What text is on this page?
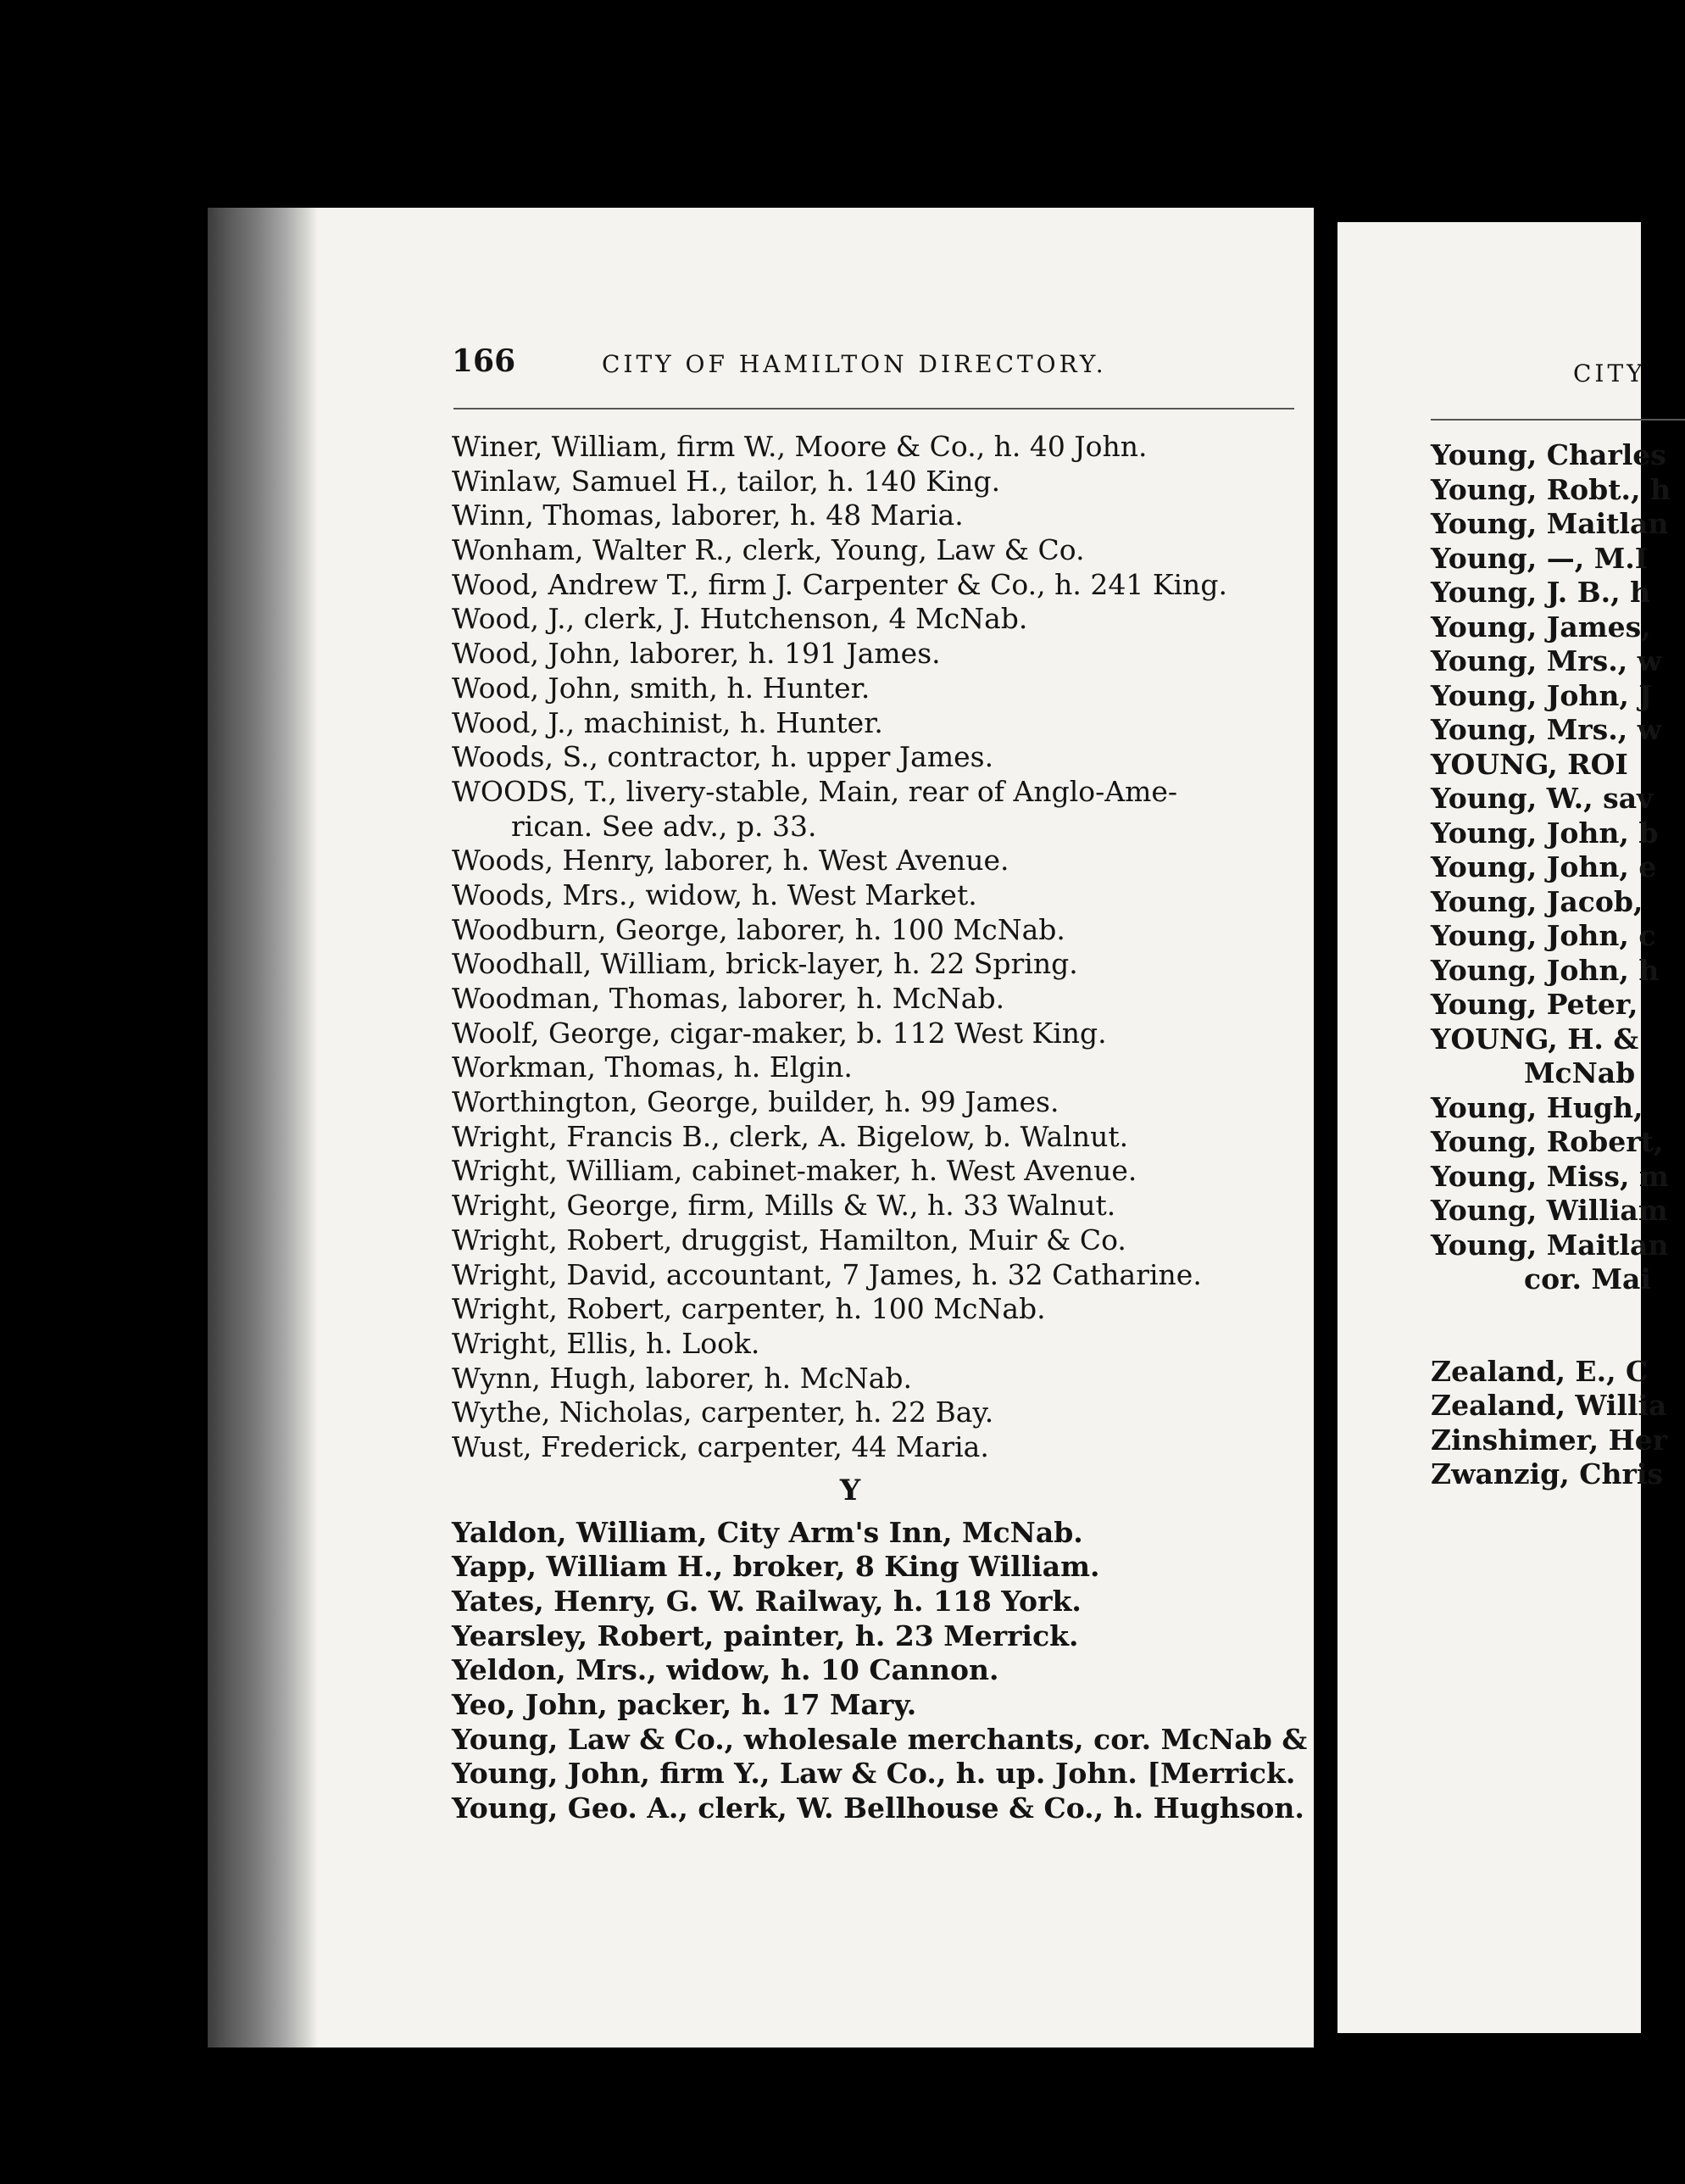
166	CITY OF HAMILTON DIRECTORY.
Winer, William, firm W., Moore & Co., h. 40 John.
Winlaw, Samuel H., tailor, h. 140 King.
Winn, Thomas, laborer, h. 48 Maria.
Wonham, Walter R., clerk, Young, Law & Co.
Wood, Andrew T., firm J. Carpenter & Co., h. 241 King.
Wood, J., clerk, J. Hutchenson, 4 McNab.
Wood, John, laborer, h. 191 James.
Wood, John, smith, h. Hunter.
Wood, J., machinist, h. Hunter.
Woods, S., contractor, h. upper James.
WOODS, T., livery-stable, Main, rear of Anglo-Ame-
rican. See adv., p. 33.
Woods, Henry, laborer, h. West Avenue.
Woods, Mrs., widow, h. West Market.
Woodburn, George, laborer, h. 100 McNab.
Woodhall, William, brick-layer, h. 22 Spring.
Woodman, Thomas, laborer, h. McNab.
Woolf, George, cigar-maker, b. 112 West King.
Workman, Thomas, h. Elgin.
Worthington, George, builder, h. 99 James.
Wright, Francis B., clerk, A. Bigelow, b. Walnut.
Wright, William, cabinet-maker, h. West Avenue.
Wright, George, firm, Mills & W., h. 33 Walnut.
Wright, Robert, druggist, Hamilton, Muir & Co.
Wright, David, accountant, 7 James, h. 32 Catharine.
Wright, Robert, carpenter, h. 100 McNab.
Wright, Ellis, h. Look.
Wynn, Hugh, laborer, h. McNab.
Wythe, Nicholas, carpenter, h. 22 Bay.
Wust, Frederick, carpenter, 44 Maria.
Y
Yaldon, William, City Arm's Inn, McNab.
Yapp, William H., broker, 8 King William.
Yates, Henry, G. W. Railway, h. 118 York.
Yearsley, Robert, painter, h. 23 Merrick.
Yeldon, Mrs., widow, h. 10 Cannon.
Yeo, John, packer, h. 17 Mary.
Young, Law & Co., wholesale merchants, cor. McNab &
Young, John, firm Y., Law & Co., h. up. John. [Merrick.
Young, Geo. A., clerk, W. Bellhouse & Co., h. Hughson.
CITY
Young, Charles
Young, Robt., h
Young, Maitlan
Young, —, M.I
Young, J. B., h
Young, James,
Young, Mrs., w
Young, John, J
Young, Mrs., w
YOUNG, ROI
Young, W., sav
Young, John, b
Young, John, e
Young, Jacob,
Young, John, c
Young, John, h
Young, Peter,
YOUNG, H. &
McNab
Young, Hugh,
Young, Robert,
Young, Miss, m
Young, William
Young, Maitlan
cor. Mai
Zealand, E., C
Zealand, Willia
Zinshimer, Her
Zwanzig, Chris
